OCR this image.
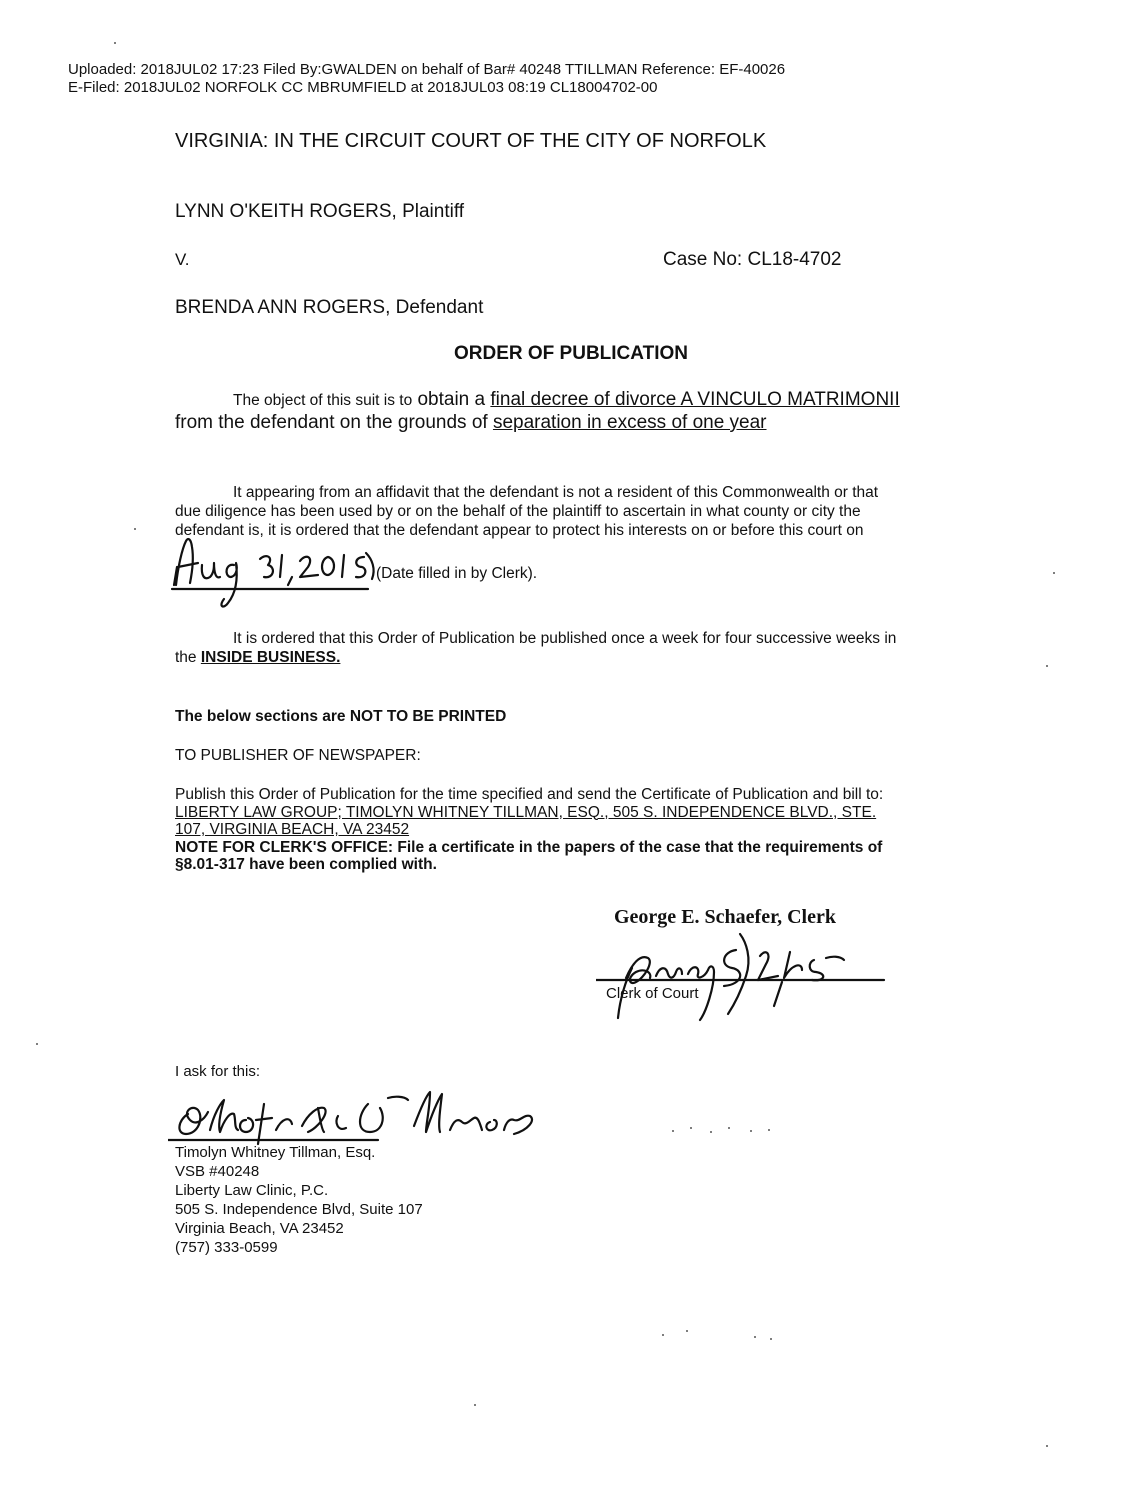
Uploaded: 2018JUL02 17:23 Filed By:GWALDEN on behalf of Bar# 40248 TTILLMAN Reference: EF-40026
E-Filed: 2018JUL02 NORFOLK CC MBRUMFIELD at 2018JUL03 08:19 CL18004702-00
VIRGINIA: IN THE CIRCUIT COURT OF THE CITY OF NORFOLK
LYNN O'KEITH ROGERS, Plaintiff
V.	Case No: CL18-4702
BRENDA ANN ROGERS, Defendant
ORDER OF PUBLICATION
The object of this suit is to obtain a final decree of divorce A VINCULO MATRIMONII
from the defendant on the grounds of separation in excess of one year
It appearing from an affidavit that the defendant is not a resident of this Commonwealth or that
due diligence has been used by or on the behalf of the plaintiff to ascertain in what county or city the
defendant is, it is ordered that the defendant appear to protect his interests on or before this court on
(Date filled in by Clerk).
It is ordered that this Order of Publication be published once a week for four successive weeks in
the INSIDE BUSINESS.
The below sections are NOT TO BE PRINTED
TO PUBLISHER OF NEWSPAPER:
Publish this Order of Publication for the time specified and send the Certificate of Publication and bill to:
LIBERTY LAW GROUP; TIMOLYN WHITNEY TILLMAN, ESQ., 505 S. INDEPENDENCE BLVD., STE.
107, VIRGINIA BEACH, VA 23452
NOTE FOR CLERK'S OFFICE: File a certificate in the papers of the case that the requirements of
§8.01-317 have been complied with.
George E. Schaefer, Clerk
Clerk of Court
I ask for this:
Timolyn Whitney Tillman, Esq.
VSB #40248
Liberty Law Clinic, P.C.
505 S. Independence Blvd, Suite 107
Virginia Beach, VA 23452
(757) 333-0599
